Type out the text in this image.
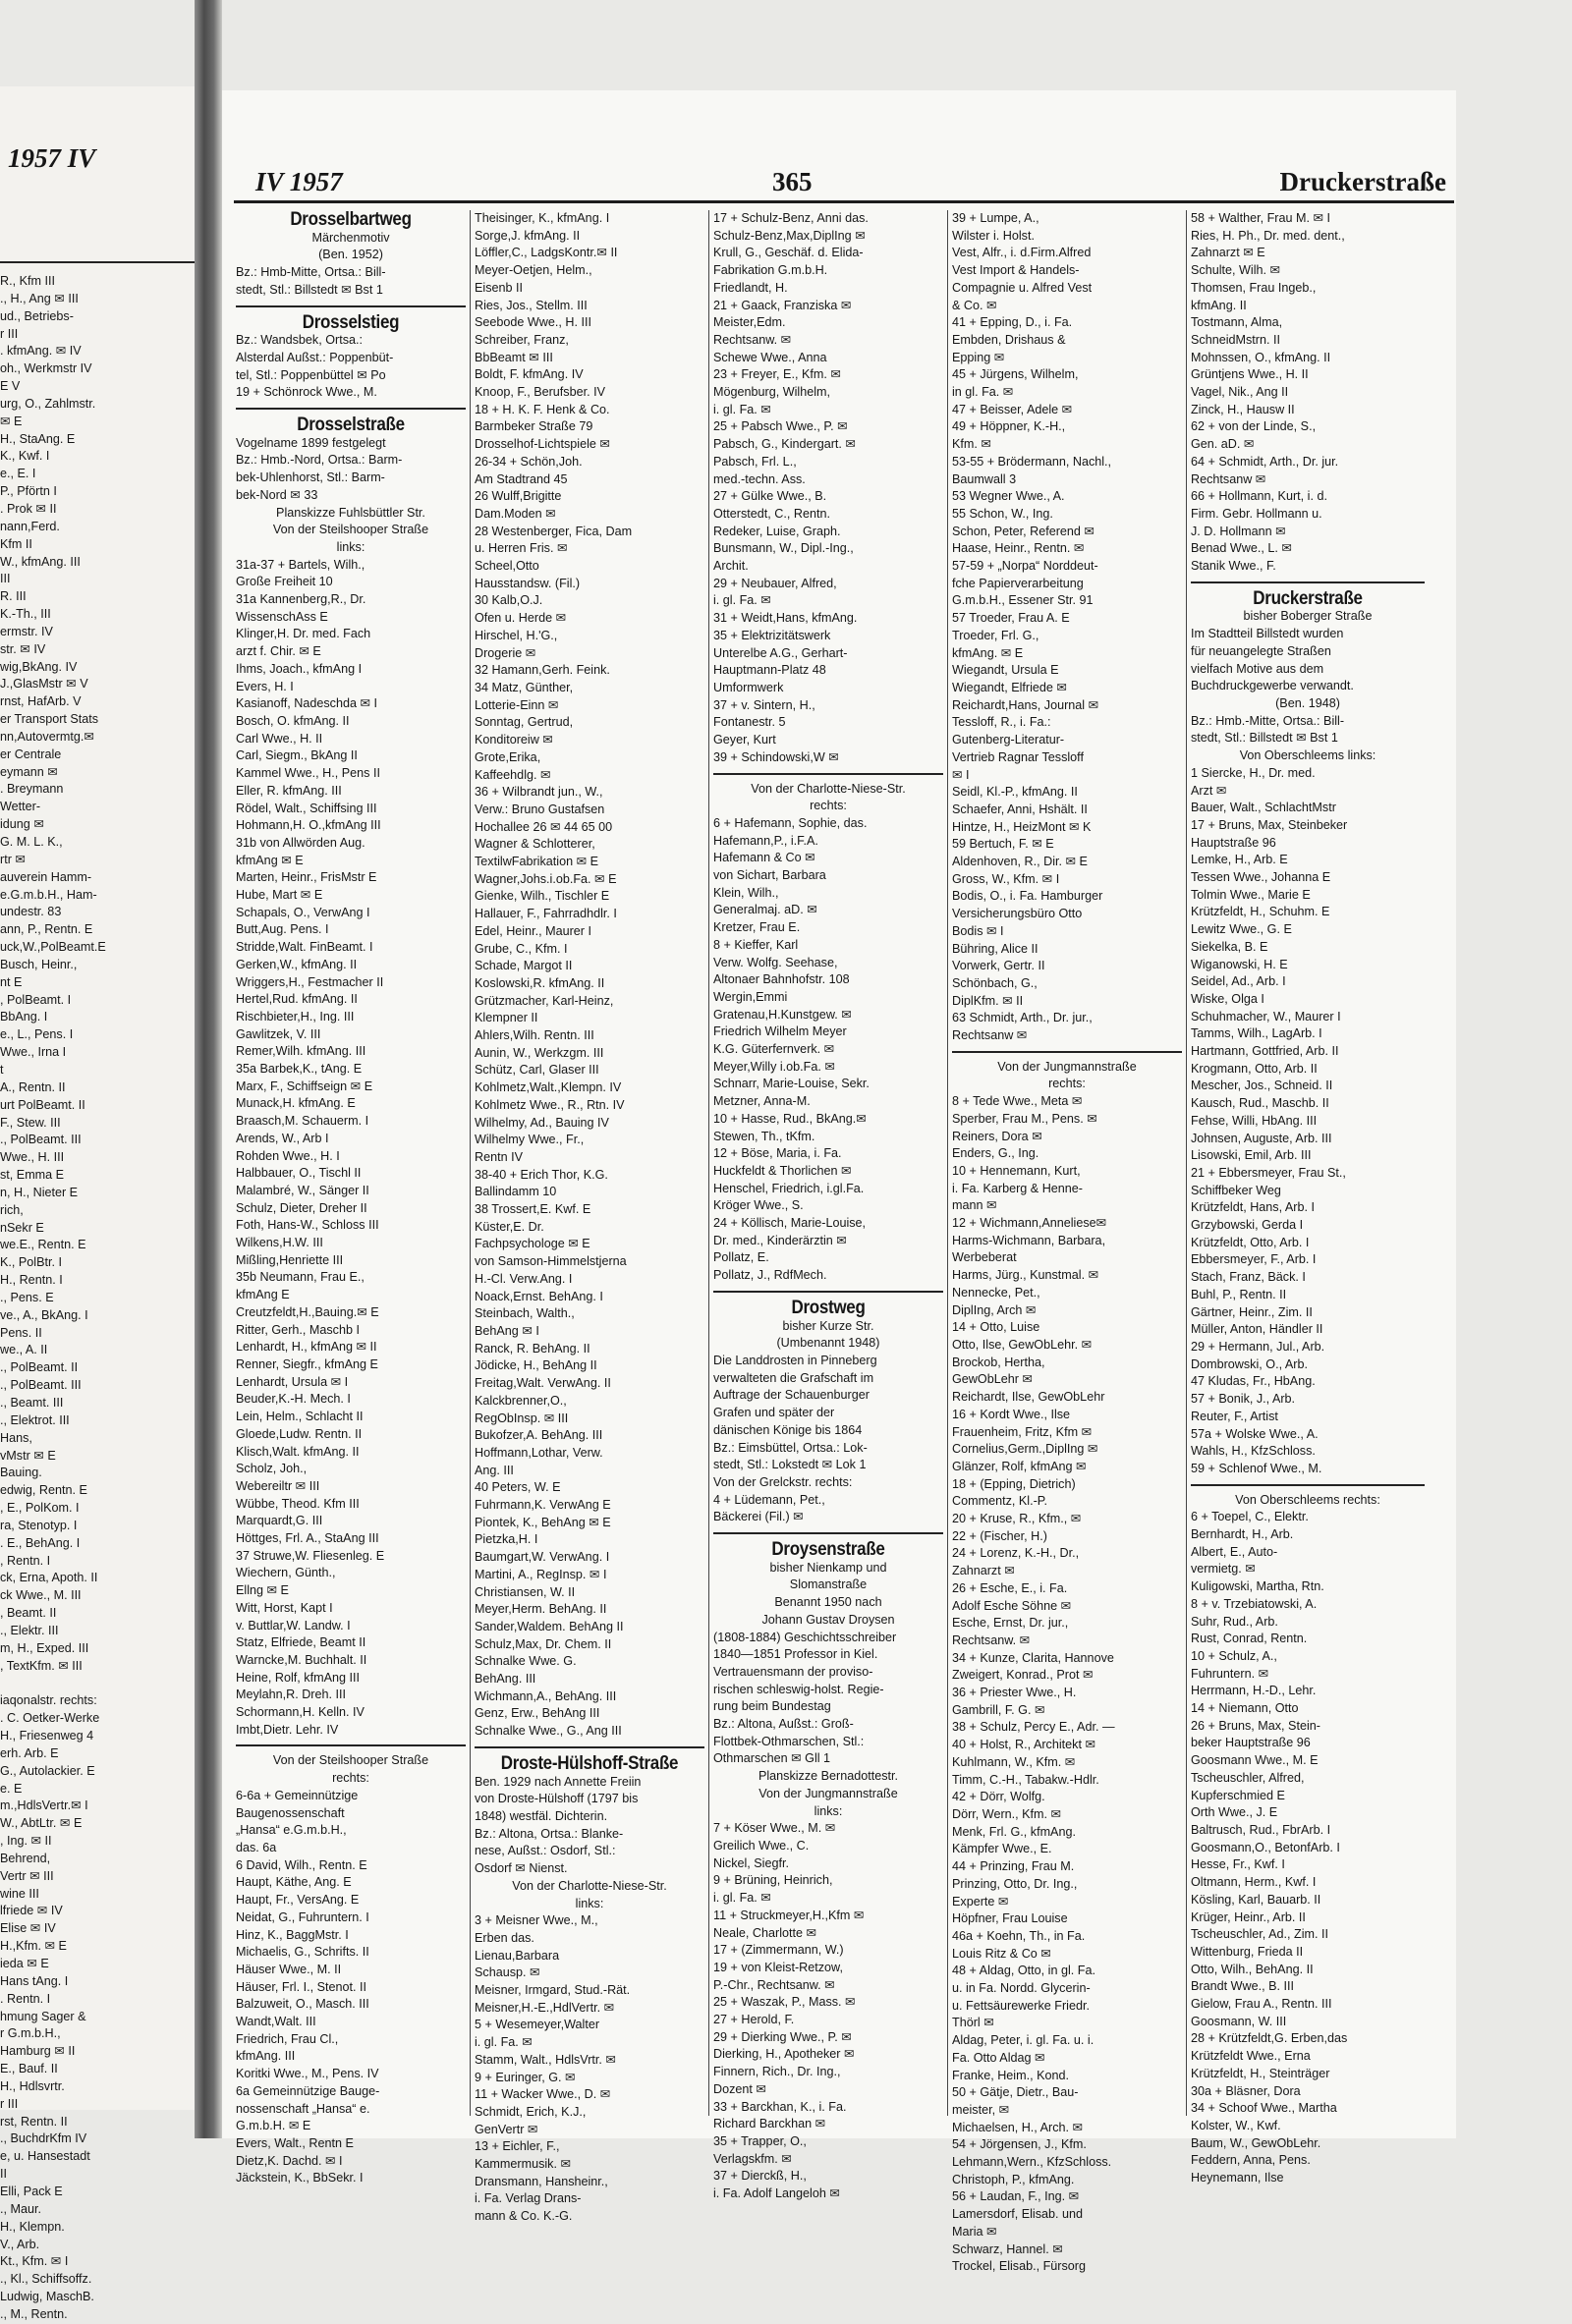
1957 IV
R., Kfm III
., H., Ang ✉ III
ud., Betriebs-
r III
. kfmAng. ✉ IV
oh., Werkmstr IV
E V
urg, O., Zahlmstr.
✉ E
H., StaAng. E
K., Kwf. I
e., E. I
P., Pförtn I
. Prok ✉ II
nann,Ferd.
Kfm II
W., kfmAng. III
III
R. III
K.-Th., III
ermstr. IV
str. ✉ IV
wig,BkAng. IV
J.,GlasMstr ✉ V
rnst, HafArb. V
er Transport Stats
nn,Autovermtg.✉
er Centrale
eymann ✉
. Breymann
Wetter-
idung ✉
G. M. L. K.,
rtr ✉
auverein Hamm-
e.G.m.b.H., Ham-
undestr. 83
ann, P., Rentn. E
uck,W.,PolBeamt.E
Busch, Heinr.,
nt E
, PolBeamt. I
BbAng. I
e., L., Pens. I
Wwe., Irna I
t
A., Rentn. II
urt PolBeamt. II
F., Stew. III
., PolBeamt. III
Wwe., H. III
st, Emma E
n, H., Nieter E
rich,
nSekr E
we.E., Rentn. E
K., PolBtr. I
H., Rentn. I
., Pens. E
ve., A., BkAng. I
Pens. II
we., A. II
., PolBeamt. II
., PolBeamt. III
., Beamt. III
., Elektrot. III
Hans,
vMstr ✉ E
Bauing.
edwig, Rentn. E
, E., PolKom. I
ra, Stenotyp. I
. E., BehAng. I
, Rentn. I
ck, Erna, Apoth. II
ck Wwe., M. III
, Beamt. II
., Elektr. III
m, H., Exped. III
, TextKfm. ✉ III

iaqonalstr. rechts:
. C. Oetker-Werke
H., Friesenweg 4
erh. Arb. E
G., Autolackier. E
e. E
m.,HdlsVertr.✉ I
W., AbtLtr. ✉ E
, Ing. ✉ II
Behrend,
Vertr ✉ III
wine III
lfriede ✉ IV
Elise ✉ IV
H.,Kfm. ✉ E
ieda ✉ E
Hans tAng. I
. Rentn. I
hmung Sager &
r G.m.b.H.,
Hamburg ✉ II
E., Bauf. II
H., Hdlsvrtr.
r III
rst, Rentn. II
., BuchdrKfm IV
e, u. Hansestadt
II
Elli, Pack E
., Maur.
H., Klempn.
V., Arb.
Kt., Kfm. ✉ I
., Kl., Schiffsoffz.
Ludwig, MaschB.
., M., Rentn.
IV 1957	365	Druckerstraße
Drosselbartweg
Märchenmotiv
(Ben. 1952)
Bz.: Hmb-Mitte, Ortsa.: Bill-
stedt, Stl.: Billstedt ✉ Bst 1
Drosselstieg
Bz.: Wandsbek, Ortsa.:
Alsterdal Außst.: Poppenbüt-
tel, Stl.: Poppenbüttel ✉ Po
19 + Schönrock Wwe., M.
Drosselstraße
Vogelname 1899 festgelegt
Bz.: Hmb.-Nord, Ortsa.: Barm-
bek-Uhlenhorst, Stl.: Barm-
bek-Nord ✉ 33
Planskizze Fuhlsbüttler Str.
Von der Steilshooper Straße
links:
31a-37 + Bartels, Wilh.,
Große Freiheit 10
31a Kannenberg,R., Dr.
WissenschAss E
Klinger,H. Dr. med. Fach
arzt f. Chir. ✉ E
Ihms, Joach., kfmAng I
Evers, H. I
Kasianoff, Nadeschda ✉ I
Bosch, O. kfmAng. II
Carl Wwe., H. II
Carl, Siegm., BkAng II
Kammel Wwe., H., Pens II
Eller, R. kfmAng. III
Rödel, Walt., Schiffsing III
Hohmann,H. O.,kfmAng III
31b von Allwörden Aug.
kfmAng ✉ E
Marten, Heinr., FrisMstr E
Hube, Mart ✉ E
Schapals, O., VerwAng I
Butt,Aug. Pens. I
Stridde,Walt. FinBeamt. I
Gerken,W., kfmAng. II
Wriggers,H., Festmacher II
Hertel,Rud. kfmAng. II
Rischbieter,H., Ing. III
Gawlitzek, V. III
Remer,Wilh. kfmAng. III
35a Barbek,K., tAng. E
Marx, F., Schiffseign ✉ E
Munack,H. kfmAng. E
Braasch,M. Schauerm. I
Arends, W., Arb I
Rohden Wwe., H. I
Halbbauer, O., Tischl II
Malambré, W., Sänger II
Schulz, Dieter, Dreher II
Foth, Hans-W., Schloss III
Wilkens,H.W. III
Mißling,Henriette III
35b Neumann, Frau E.,
kfmAng E
Creutzfeldt,H.,Bauing.✉ E
Ritter, Gerh., Maschb I
Lenhardt, H., kfmAng ✉ II
Renner, Siegfr., kfmAng E
Lenhardt, Ursula ✉ I
Beuder,K.-H. Mech. I
Lein, Helm., Schlacht II
Gloede,Ludw. Rentn. II
Klisch,Walt. kfmAng. II
Scholz, Joh.,
Webereiltr ✉ III
Wübbe, Theod. Kfm III
Marquardt,G. III
Höttges, Frl. A., StaAng III
37 Struwe,W. Fliesenleg. E
Wiechern, Günth.,
Ellng ✉ E
Witt, Horst, Kapt I
v. Buttlar,W. Landw. I
Statz, Elfriede, Beamt II
Warncke,M. Buchhalt. II
Heine, Rolf, kfmAng III
Meylahn,R. Dreh. III
Schormann,H. Kelln. IV
Imbt,Dietr. Lehr. IV
Von der Steilshooper Straße
rechts:
6-6a + Gemeinnützige
Baugenossenschaft
„Hansa“ e.G.m.b.H.,
das. 6a
6 David, Wilh., Rentn. E
Haupt, Käthe, Ang. E
Haupt, Fr., VersAng. E
Neidat, G., Fuhruntern. I
Hinz, K., BaggMstr. I
Michaelis, G., Schrifts. II
Häuser Wwe., M. II
Häuser, Frl. I., Stenot. II
Balzuweit, O., Masch. III
Wandt,Walt. III
Friedrich, Frau Cl.,
kfmAng. III
Koritki Wwe., M., Pens. IV
6a Gemeinnützige Bauge-
nossenschaft „Hansa“ e.
G.m.b.H. ✉ E
Evers, Walt., Rentn E
Dietz,K. Dachd. ✉ I
Jäckstein, K., BbSekr. I
Theisinger, K., kfmAng. I
Sorge,J. kfmAng. II
Löffler,C., LadgsKontr.✉ II
Meyer-Oetjen, Helm.,
Eisenb II
Ries, Jos., Stellm. III
Seebode Wwe., H. III
Schreiber, Franz,
BbBeamt ✉ III
Boldt, F. kfmAng. IV
Knoop, F., Berufsber. IV
18 + H. K. F. Henk & Co.
Barmbeker Straße 79
Drosselhof-Lichtspiele ✉
26-34 + Schön,Joh.
Am Stadtrand 45
26 Wulff,Brigitte
Dam.Moden ✉
28 Westenberger, Fica, Dam
u. Herren Fris. ✉
Scheel,Otto
Hausstandsw. (Fil.)
30 Kalb,O.J.
Ofen u. Herde ✉
Hirschel, H.'G.,
Drogerie ✉
32 Hamann,Gerh. Feink.
34 Matz, Günther,
Lotterie-Einn ✉
Sonntag, Gertrud,
Konditoreiw ✉
Grote,Erika,
Kaffeehdlg. ✉
36 + Wilbrandt jun., W.,
Verw.: Bruno Gustafsen
Hochallee 26 ✉ 44 65 00
Wagner & Schlotterer,
TextilwFabrikation ✉ E
Wagner,Johs.i.ob.Fa. ✉ E
Gienke, Wilh., Tischler E
Hallauer, F., Fahrradhdlr. I
Edel, Heinr., Maurer I
Grube, C., Kfm. I
Schade, Margot II
Koslowski,R. kfmAng. II
Grützmacher, Karl-Heinz,
Klempner II
Ahlers,Wilh. Rentn. III
Aunin, W., Werkzgm. III
Schütz, Carl, Glaser III
Kohlmetz,Walt.,Klempn. IV
Kohlmetz Wwe., R., Rtn. IV
Wilhelmy, Ad., Bauing IV
Wilhelmy Wwe., Fr.,
Rentn IV
38-40 + Erich Thor, K.G.
Ballindamm 10
38 Trossert,E. Kwf. E
Küster,E. Dr.
Fachpsychologe ✉ E
von Samson-Himmelstjerna
H.-Cl. Verw.Ang. I
Noack,Ernst. BehAng. I
Steinbach, Walth.,
BehAng ✉ I
Ranck, R. BehAng. II
Jödicke, H., BehAng II
Freitag,Walt. VerwAng. II
Kalckbrenner,O.,
RegObInsp. ✉ III
Bukofzer,A. BehAng. III
Hoffmann,Lothar, Verw.
Ang. III
40 Peters, W. E
Fuhrmann,K. VerwAng E
Piontek, K., BehAng ✉ E
Pietzka,H. I
Baumgart,W. VerwAng. I
Martini, A., RegInsp. ✉ I
Christiansen, W. II
Meyer,Herm. BehAng. II
Sander,Waldem. BehAng II
Schulz,Max, Dr. Chem. II
Schnalke Wwe. G.
BehAng. III
Wichmann,A., BehAng. III
Genz, Erw., BehAng III
Schnalke Wwe., G., Ang III
Droste-Hülshoff-Straße
Ben. 1929 nach Annette Freiin
von Droste-Hülshoff (1797 bis
1848) westfäl. Dichterin.
Bz.: Altona, Ortsa.: Blanke-
nese, Außst.: Osdorf, Stl.:
Osdorf ✉ Nienst.
Von der Charlotte-Niese-Str.
links:
3 + Meisner Wwe., M.,
Erben das.
Lienau,Barbara
Schausp. ✉
Meisner, Irmgard, Stud.-Rät.
Meisner,H.-E.,HdlVertr. ✉
5 + Wesemeyer,Walter
i. gl. Fa. ✉
Stamm, Walt., HdlsVrtr. ✉
9 + Euringer, G. ✉
11 + Wacker Wwe., D. ✉
Schmidt, Erich, K.J.,
GenVertr ✉
13 + Eichler, F.,
Kammermusik. ✉
Dransmann, Hansheinr.,
i. Fa. Verlag Drans-
mann & Co. K.-G.
17 + Schulz-Benz, Anni das.
Schulz-Benz,Max,DiplIng ✉
Krull, G., Geschäf. d. Elida-
Fabrikation G.m.b.H.
Friedlandt, H.
21 + Gaack, Franziska ✉
Meister,Edm.
Rechtsanw. ✉
Schewe Wwe., Anna
23 + Freyer, E., Kfm. ✉
Mögenburg, Wilhelm,
i. gl. Fa. ✉
25 + Pabsch Wwe., P. ✉
Pabsch, G., Kindergart. ✉
Pabsch, Frl. L.,
med.-techn. Ass.
27 + Gülke Wwe., B.
Otterstedt, C., Rentn.
Redeker, Luise, Graph.
Bunsmann, W., Dipl.-Ing.,
Archit.
29 + Neubauer, Alfred,
i. gl. Fa. ✉
31 + Weidt,Hans, kfmAng.
35 + Elektrizitätswerk
Unterelbe A.G., Gerhart-
Hauptmann-Platz 48
Umformwerk
37 + v. Sintern, H.,
Fontanestr. 5
Geyer, Kurt
39 + Schindowski,W ✉
Von der Charlotte-Niese-Str.
rechts:
6 + Hafemann, Sophie, das.
Hafemann,P., i.F.A.
Hafemann & Co ✉
von Sichart, Barbara
Klein, Wilh.,
Generalmaj. aD. ✉
Kretzer, Frau E.
8 + Kieffer, Karl
Verw. Wolfg. Seehase,
Altonaer Bahnhofstr. 108
Wergin,Emmi
Gratenau,H.Kunstgew. ✉
Friedrich Wilhelm Meyer
K.G. Güterfernverk. ✉
Meyer,Willy i.ob.Fa. ✉
Schnarr, Marie-Louise, Sekr.
Metzner, Anna-M.
10 + Hasse, Rud., BkAng.✉
Stewen, Th., tKfm.
12 + Böse, Maria, i. Fa.
Huckfeldt & Thorlichen ✉
Henschel, Friedrich, i.gl.Fa.
Kröger Wwe., S.
24 + Köllisch, Marie-Louise,
Dr. med., Kinderärztin ✉
Pollatz, E.
Pollatz, J., RdfMech.
Drostweg
bisher Kurze Str.
(Umbenannt 1948)
Die Landdrosten in Pinneberg
verwalteten die Grafschaft im
Auftrage der Schauenburger
Grafen und später der
dänischen Könige bis 1864
Bz.: Eimsbüttel, Ortsa.: Lok-
stedt, Stl.: Lokstedt ✉ Lok 1
Von der Grelckstr. rechts:
4 + Lüdemann, Pet.,
Bäckerei (Fil.) ✉
Droysenstraße
bisher Nienkamp und
Slomanstraße
Benannt 1950 nach
Johann Gustav Droysen
(1808-1884) Geschichtsschreiber
1840—1851 Professor in Kiel.
Vertrauensmann der proviso-
rischen schleswig-holst. Regie-
rung beim Bundestag
Bz.: Altona, Außst.: Groß-
Flottbek-Othmarschen, Stl.:
Othmarschen ✉ Gll 1
Planskizze Bernadottestr.
Von der Jungmannstraße
links:
7 + Köser Wwe., M. ✉
Greilich Wwe., C.
Nickel, Siegfr.
9 + Brüning, Heinrich,
i. gl. Fa. ✉
11 + Struckmeyer,H.,Kfm ✉
Neale, Charlotte ✉
17 + (Zimmermann, W.)
19 + von Kleist-Retzow,
P.-Chr., Rechtsanw. ✉
25 + Waszak, P., Mass. ✉
27 + Herold, F.
29 + Dierking Wwe., P. ✉
Dierking, H., Apotheker ✉
Finnern, Rich., Dr. Ing.,
Dozent ✉
33 + Barckhan, K., i. Fa.
Richard Barckhan ✉
35 + Trapper, O.,
Verlagskfm. ✉
37 + Dierckß, H.,
i. Fa. Adolf Langeloh ✉
39 + Lumpe, A.,
Wilster i. Holst.
Vest, Alfr., i. d.Firm.Alfred
Vest Import & Handels-
Compagnie u. Alfred Vest
& Co. ✉
41 + Epping, D., i. Fa.
Embden, Drishaus &
Epping ✉
45 + Jürgens, Wilhelm,
in gl. Fa. ✉
47 + Beisser, Adele ✉
49 + Höppner, K.-H.,
Kfm. ✉
53-55 + Brödermann, Nachl.,
Baumwall 3
53 Wegner Wwe., A.
55 Schon, W., Ing.
Schon, Peter, Referend ✉
Haase, Heinr., Rentn. ✉
57-59 + „Norpa“ Norddeut-
fche Papierverarbeitung
G.m.b.H., Essener Str. 91
57 Troeder, Frau A. E
Troeder, Frl. G.,
kfmAng. ✉ E
Wiegandt, Ursula E
Wiegandt, Elfriede ✉
Reichardt,Hans, Journal ✉
Tessloff, R., i. Fa.:
Gutenberg-Literatur-
Vertrieb Ragnar Tessloff
✉ I
Seidl, Kl.-P., kfmAng. II
Schaefer, Anni, Hshält. II
Hintze, H., HeizMont ✉ K
59 Bertuch, F. ✉ E
Aldenhoven, R., Dir. ✉ E
Gross, W., Kfm. ✉ I
Bodis, O., i. Fa. Hamburger
Versicherungsbüro Otto
Bodis ✉ I
Bühring, Alice II
Vorwerk, Gertr. II
Schönbach, G.,
DiplKfm. ✉ II
63 Schmidt, Arth., Dr. jur.,
Rechtsanw ✉
Von der Jungmannstraße
rechts:
8 + Tede Wwe., Meta ✉
Sperber, Frau M., Pens. ✉
Reiners, Dora ✉
Enders, G., Ing.
10 + Hennemann, Kurt,
i. Fa. Karberg & Henne-
mann ✉
12 + Wichmann,Anneliese✉
Harms-Wichmann, Barbara,
Werbeberat
Harms, Jürg., Kunstmal. ✉
Nennecke, Pet.,
DiplIng, Arch ✉
14 + Otto, Luise
Otto, Ilse, GewObLehr. ✉
Brockob, Hertha,
GewObLehr ✉
Reichardt, Ilse, GewObLehr
16 + Kordt Wwe., Ilse
Frauenheim, Fritz, Kfm ✉
Cornelius,Germ.,DiplIng ✉
Glänzer, Rolf, kfmAng ✉
18 + (Epping, Dietrich)
Commentz, Kl.-P.
20 + Kruse, R., Kfm., ✉
22 + (Fischer, H.)
24 + Lorenz, K.-H., Dr.,
Zahnarzt ✉
26 + Esche, E., i. Fa.
Adolf Esche Söhne ✉
Esche, Ernst, Dr. jur.,
Rechtsanw. ✉
34 + Kunze, Clarita, Hannove
Zweigert, Konrad., Prot ✉
36 + Priester Wwe., H.
Gambrill, F. G. ✉
38 + Schulz, Percy E., Adr. —
40 + Holst, R., Architekt ✉
Kuhlmann, W., Kfm. ✉
Timm, C.-H., Tabakw.-Hdlr.
42 + Dörr, Wolfg.
Dörr, Wern., Kfm. ✉
Menk, Frl. G., kfmAng.
Kämpfer Wwe., E.
44 + Prinzing, Frau M.
Prinzing, Otto, Dr. Ing.,
Experte ✉
Höpfner, Frau Louise
46a + Koehn, Th., in Fa.
Louis Ritz & Co ✉
48 + Aldag, Otto, in gl. Fa.
u. in Fa. Nordd. Glycerin-
u. Fettsäurewerke Friedr.
Thörl ✉
Aldag, Peter, i. gl. Fa. u. i.
Fa. Otto Aldag ✉
Franke, Heim., Kond.
50 + Gätje, Dietr., Bau-
meister, ✉
Michaelsen, H., Arch. ✉
54 + Jörgensen, J., Kfm.
Lehmann,Wern., KfzSchloss.
Christoph, P., kfmAng.
56 + Laudan, F., Ing. ✉
Lamersdorf, Elisab. und
Maria ✉
Schwarz, Hannel. ✉
Trockel, Elisab., Fürsorg
58 + Walther, Frau M. ✉ I
Ries, H. Ph., Dr. med. dent.,
Zahnarzt ✉ E
Schulte, Wilh. ✉
Thomsen, Frau Ingeb.,
kfmAng. II
Tostmann, Alma,
SchneidMstrn. II
Mohnssen, O., kfmAng. II
Grüntjens Wwe., H. II
Vagel, Nik., Ang II
Zinck, H., Hausw II
62 + von der Linde, S.,
Gen. aD. ✉
64 + Schmidt, Arth., Dr. jur.
Rechtsanw ✉
66 + Hollmann, Kurt, i. d.
Firm. Gebr. Hollmann u.
J. D. Hollmann ✉
Benad Wwe., L. ✉
Stanik Wwe., F.
Druckerstraße
bisher Boberger Straße
Im Stadtteil Billstedt wurden
für neuangelegte Straßen
vielfach Motive aus dem
Buchdruckgewerbe verwandt.
(Ben. 1948)
Bz.: Hmb.-Mitte, Ortsa.: Bill-
stedt, Stl.: Billstedt ✉ Bst 1
Von Oberschleems links:
1 Siercke, H., Dr. med.
Arzt ✉
Bauer, Walt., SchlachtMstr
17 + Bruns, Max, Steinbeker
Hauptstraße 96
Lemke, H., Arb. E
Tessen Wwe., Johanna E
Tolmin Wwe., Marie E
Krützfeldt, H., Schuhm. E
Lewitz Wwe., G. E
Siekelka, B. E
Wiganowski, H. E
Seidel, Ad., Arb. I
Wiske, Olga I
Schuhmacher, W., Maurer I
Tamms, Wilh., LagArb. I
Hartmann, Gottfried, Arb. II
Krogmann, Otto, Arb. II
Mescher, Jos., Schneid. II
Kausch, Rud., Maschb. II
Fehse, Willi, HbAng. III
Johnsen, Auguste, Arb. III
Lisowski, Emil, Arb. III
21 + Ebbersmeyer, Frau St.,
Schiffbeker Weg
Krützfeldt, Hans, Arb. I
Grzybowski, Gerda I
Krützfeldt, Otto, Arb. I
Ebbersmeyer, F., Arb. I
Stach, Franz, Bäck. I
Buhl, P., Rentn. II
Gärtner, Heinr., Zim. II
Müller, Anton, Händler II
29 + Hermann, Jul., Arb.
Dombrowski, O., Arb.
47 Kludas, Fr., HbAng.
57 + Bonik, J., Arb.
Reuter, F., Artist
57a + Wolske Wwe., A.
Wahls, H., KfzSchloss.
59 + Schlenof Wwe., M.
Von Oberschleems rechts:
6 + Toepel, C., Elektr.
Bernhardt, H., Arb.
Albert, E., Auto-
vermietg. ✉
Kuligowski, Martha, Rtn.
8 + v. Trzebiatowski, A.
Suhr, Rud., Arb.
Rust, Conrad, Rentn.
10 + Schulz, A.,
Fuhruntern. ✉
Herrmann, H.-D., Lehr.
14 + Niemann, Otto
26 + Bruns, Max, Stein-
beker Hauptstraße 96
Goosmann Wwe., M. E
Tscheuschler, Alfred,
Kupferschmied E
Orth Wwe., J. E
Baltrusch, Rud., FbrArb. I
Goosmann,O., BetonfArb. I
Hesse, Fr., Kwf. I
Oltmann, Herm., Kwf. I
Kösling, Karl, Bauarb. II
Krüger, Heinr., Arb. II
Tscheuschler, Ad., Zim. II
Wittenburg, Frieda II
Otto, Wilh., BehAng. II
Brandt Wwe., B. III
Gielow, Frau A., Rentn. III
Goosmann, W. III
28 + Krützfeldt,G. Erben,das
Krützfeldt Wwe., Erna
Krützfeldt, H., Steinträger
30a + Bläsner, Dora
34 + Schoof Wwe., Martha
Kolster, W., Kwf.
Baum, W., GewObLehr.
Feddern, Anna, Pens.
Heynemann, Ilse
